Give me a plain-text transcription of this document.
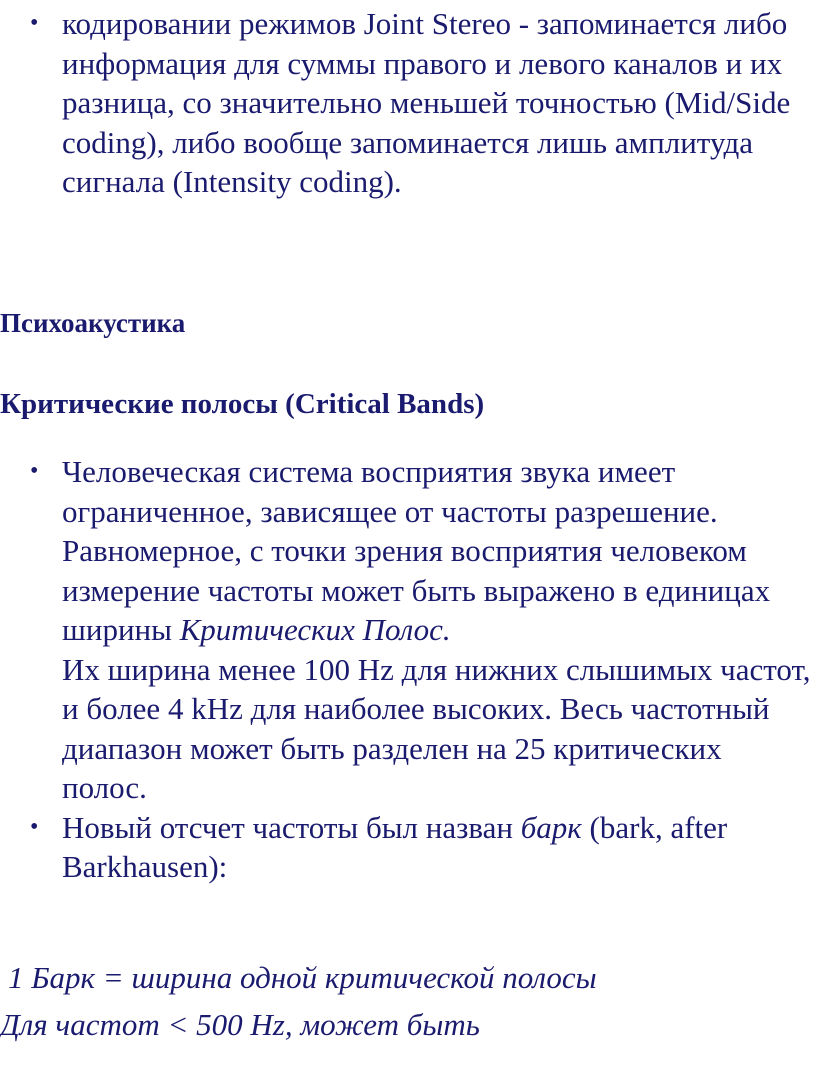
• кодировании режимов Joint Stereo - запоминается либо информация для суммы правого и левого каналов и их разница, со значительно меньшей точностью (Mid/Side coding), либо вообще запоминается лишь амплитуда сигнала (Intensity coding).
Психоакустика
Критические полосы (Critical Bands)
• Человеческая система восприятия звука имеет ограниченное, зависящее от частоты разрешение. Равномерное, с точки зрения восприятия человеком измерение частоты может быть выражено в единицах ширины Критических Полос.
Их ширина менее 100 Hz для нижних слышимых частот, и более 4 kHz для наиболее высоких. Весь частотный диапазон может быть разделен на 25 критических полос.
• Новый отсчет частоты был назван барк (bark, after Barkhausen):

1 Барк = ширина одной критической полосы

Для частот < 500 Hz, может быть
